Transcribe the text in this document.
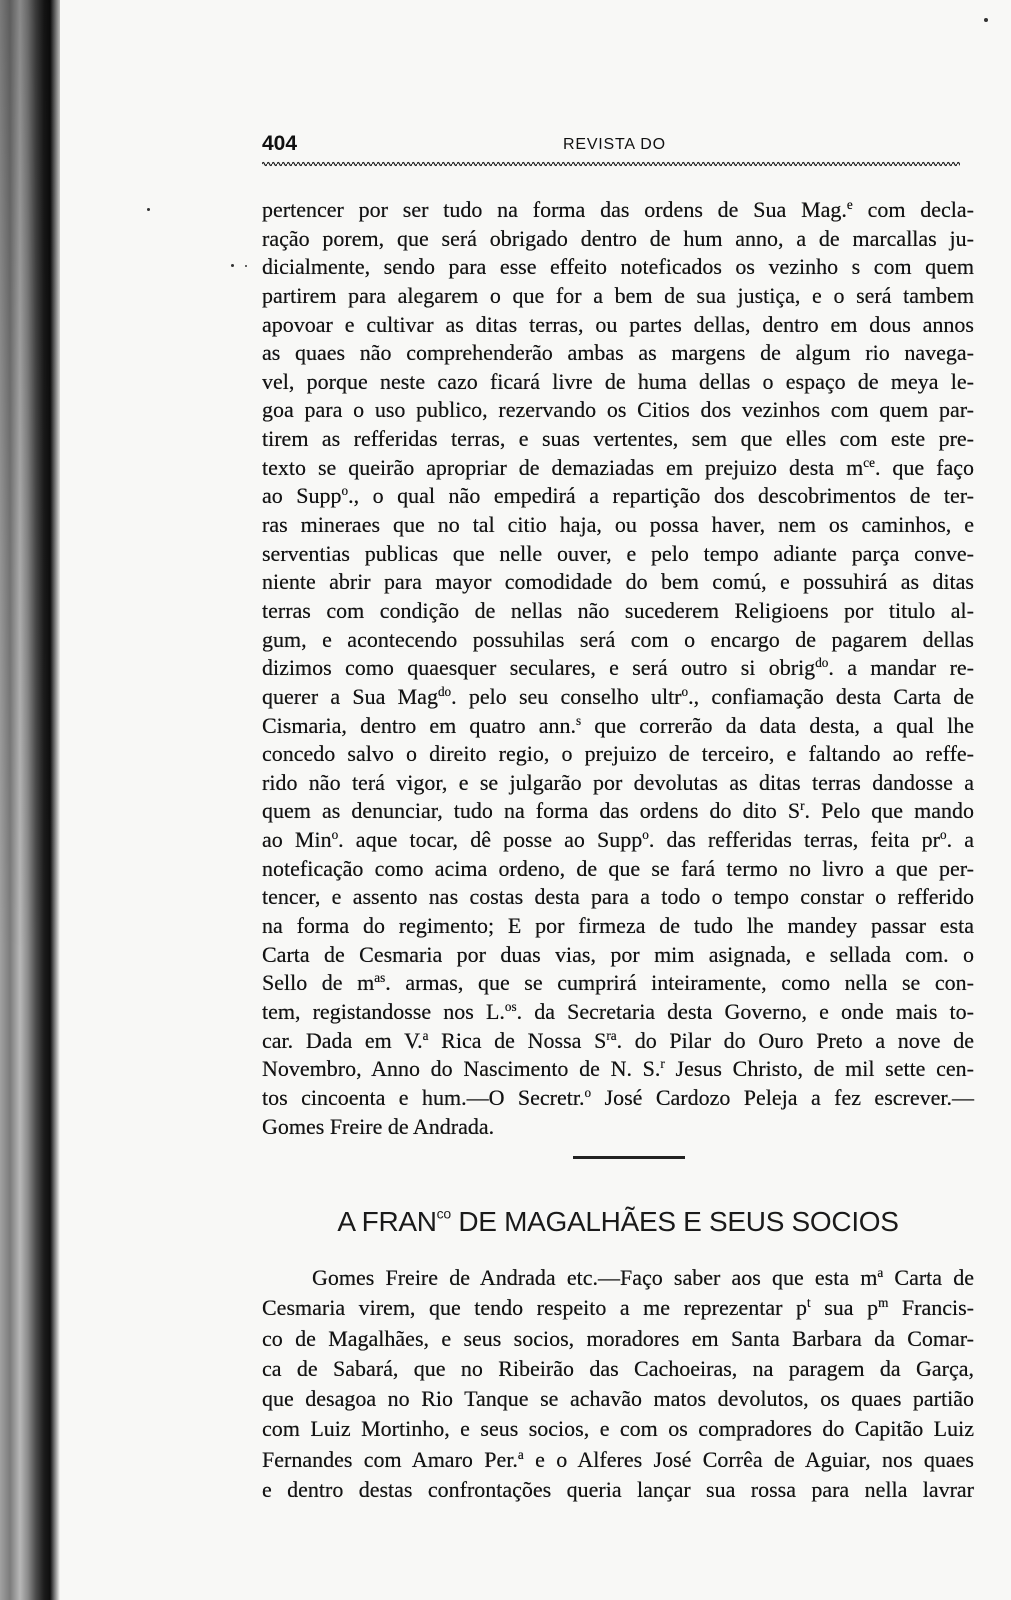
404	REVISTA DO
pertencer por ser tudo na forma das ordens de Sua Mag.$^e$ com decla-
ração porem, que será obrigado dentro de hum anno, a de marcallas ju-
dicialmente, sendo para esse effeito noteficados os vezinho s com quem
partirem para alegarem o que for a bem de sua justiça, e o será tambem
apovoar e cultivar as ditas terras, ou partes dellas, dentro em dous annos
as quaes não comprehenderão ambas as margens de algum rio navega-
vel, porque neste cazo ficará livre de huma dellas o espaço de meya le-
goa para o uso publico, rezervando os Citios dos vezinhos com quem par-
tirem as refferidas terras, e suas vertentes, sem que elles com este pre-
texto se queirão apropriar de demaziadas em prejuizo desta $m^{ce}$. que faço
ao Supp$^o$., o qual não empedirá a repartição dos descobrimentos de ter-
ras mineraes que no tal citio haja, ou possa haver, nem os caminhos, e
serventias publicas que nelle ouver, e pelo tempo adiante parça conve-
niente abrir para mayor comodidade do bem comú, e possuhirá as ditas
terras com condição de nellas não sucederem Religioens por titulo al-
gum, e acontecendo possuhilas será com o encargo de pagarem dellas
dizimos como quaesquer seculares, e será outro si obrig$^{do}$. a mandar re-
querer a Sua Mag$^{do}$. pelo seu conselho ultr$^o$., confiamação desta Carta de
Cismaria, dentro em quatro ann.$^s$ que correrão da data desta, a qual lhe
concedo salvo o direito regio, o prejuizo de terceiro, e faltando ao reffe-
rido não terá vigor, e se julgarão por devolutas as ditas terras dandosse a
quem as denunciar, tudo na forma das ordens do dito $S^r$. Pelo que mando
ao Min$^o$. aque tocar, dê posse ao Supp$^o$. das refferidas terras, feita $pr^o$. a
noteficação como acima ordeno, de que se fará termo no livro a que per-
tencer, e assento nas costas desta para a todo o tempo constar o refferido
na forma do regimento; E por firmeza de tudo lhe mandey passar esta
Carta de Cesmaria por duas vias, por mim asignada, e sellada com. o
Sello de $m^{as}$. armas, que se cumprirá inteiramente, como nella se con-
tem, registandosse nos L.$^{os}$. da Secretaria desta Governo, e onde mais to-
car. Dada em V.$^a$ Rica de Nossa $S^{ra}$. do Pilar do Ouro Preto a nove de
Novembro, Anno do Nascimento de N. S.$^r$ Jesus Christo, de mil sette cen-
tos cincoenta e hum.—O Secretr.$^o$ José Cardozo Peleja a fez escrever.—
Gomes Freire de Andrada.
A $FRAN^{co}$ DE MAGALHÃES E SEUS SOCIOS
Gomes Freire de Andrada etc.—Faço saber aos que esta $m^a$ Carta de
Cesmaria virem, que tendo respeito a me reprezentar $p^t$ sua $p^m$ Francis-
co de Magalhães, e seus socios, moradores em Santa Barbara da Comar-
ca de Sabará, que no Ribeirão das Cachoeiras, na paragem da Garça,
que desagoa no Rio Tanque se achavão matos devolutos, os quaes partião
com Luiz Mortinho, e seus socios, e com os compradores do Capitão Luiz
Fernandes com Amaro Per.$^a$ e o Alferes José Corrêa de Aguiar, nos quaes
e dentro destas confrontações queria lançar sua rossa para nella lavrar
